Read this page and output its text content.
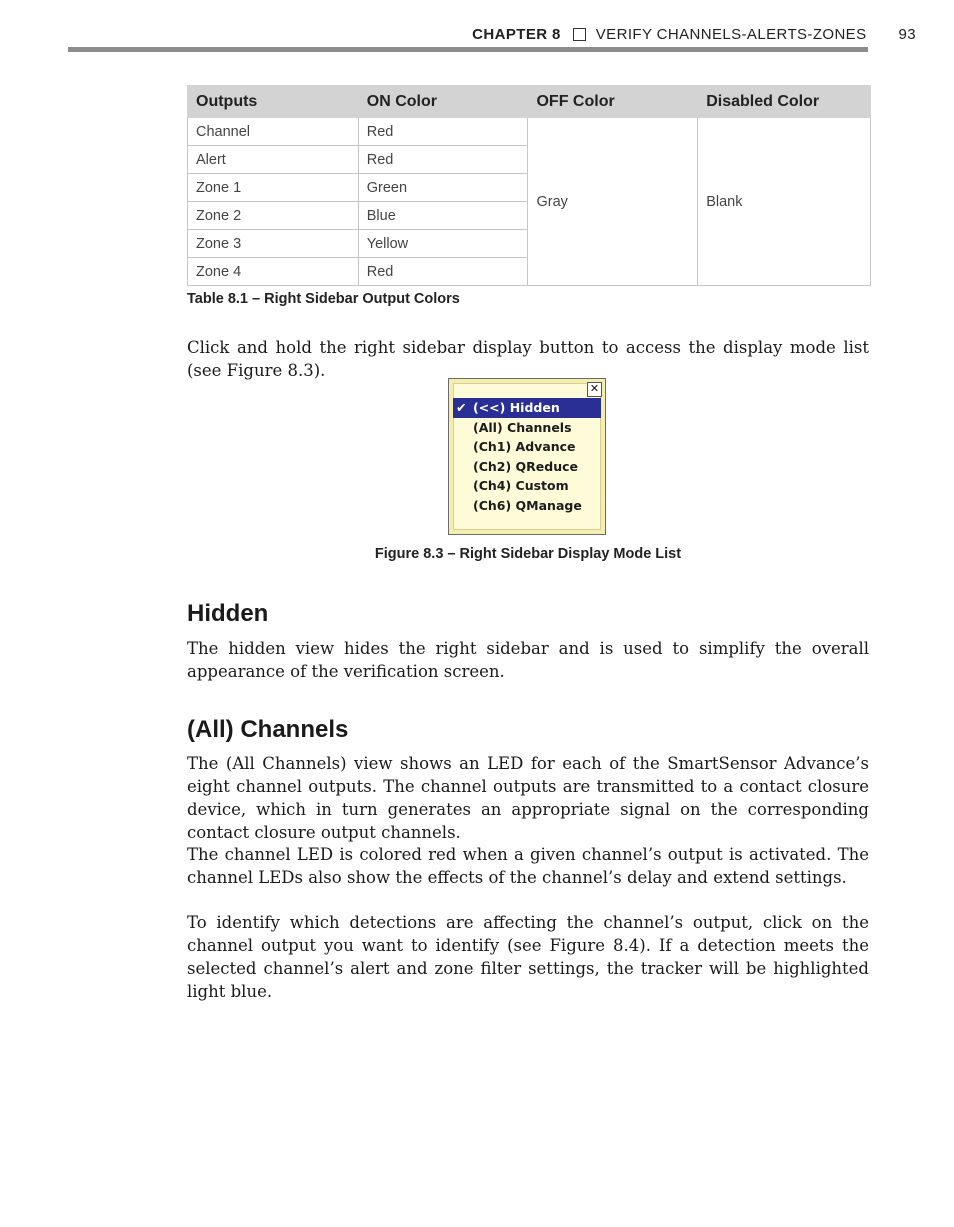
CHAPTER 8 VERIFY CHANNELS-ALERTS-ZONES 93
Outputs	ON Color	OFF Color	Disabled Color
Channel	Red	Gray	Blank
Alert	Red		
Zone 1	Green		
Zone 2	Blue		
Zone 3	Yellow		
Zone 4	Red		
Table 8.1 – Right Sidebar Output Colors

Click and hold the right sidebar display button to access the display mode list (see Figure 8.3).

✕
✔ (<<) Hidden
(All) Channels
(Ch1) Advance
(Ch2) QReduce
(Ch4) Custom
(Ch6) QManage
Figure 8.3 – Right Sidebar Display Mode List
Hidden

The hidden view hides the right sidebar and is used to simplify the overall appearance of the verification screen.

(All) Channels

The (All Channels) view shows an LED for each of the SmartSensor Advance’s eight channel outputs. The channel outputs are transmitted to a contact closure device, which in turn generates an appropriate signal on the corresponding contact closure output channels.

The channel LED is colored red when a given channel’s output is activated. The channel LEDs also show the effects of the channel’s delay and extend settings.

To identify which detections are affecting the channel’s output, click on the channel output you want to identify (see Figure 8.4). If a detection meets the selected channel’s alert and zone filter settings, the tracker will be highlighted light blue.
